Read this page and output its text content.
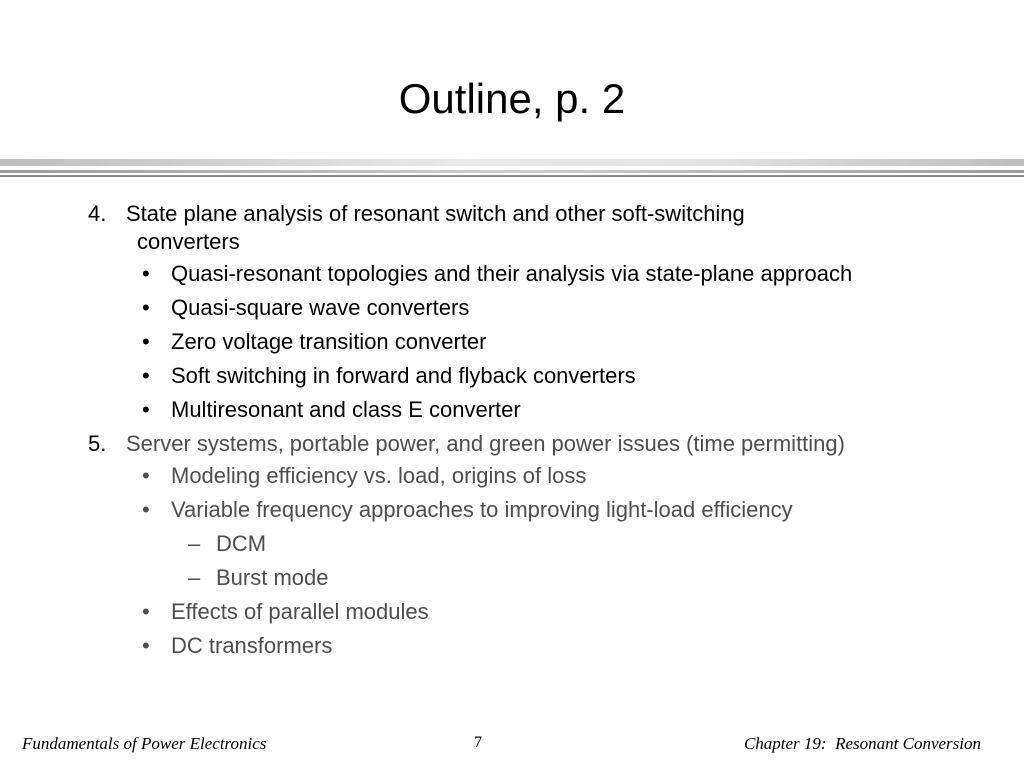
Outline, p. 2
4. State plane analysis of resonant switch and other soft-switching converters
• Quasi-resonant topologies and their analysis via state-plane approach
• Quasi-square wave converters
• Zero voltage transition converter
• Soft switching in forward and flyback converters
• Multiresonant and class E converter
5. Server systems, portable power, and green power issues (time permitting)
• Modeling efficiency vs. load, origins of loss
• Variable frequency approaches to improving light-load efficiency
– DCM
– Burst mode
• Effects of parallel modules
• DC transformers
Fundamentals of Power Electronics	7	Chapter 19:  Resonant Conversion
